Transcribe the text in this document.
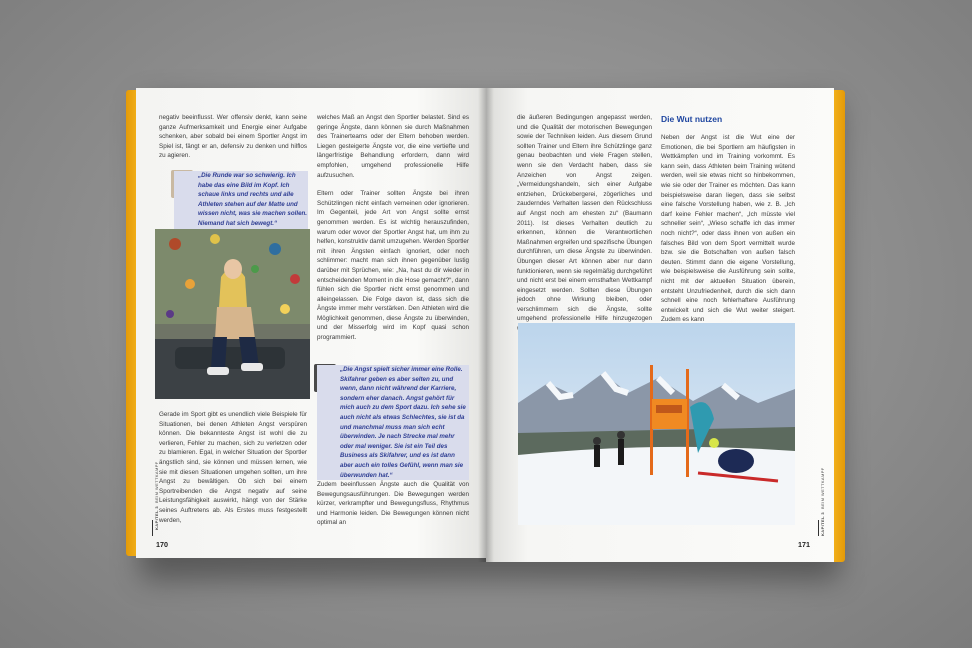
negativ beeinflusst. Wer offensiv denkt, kann seine ganze Aufmerksamkeit und Energie einer Aufgabe schenken, aber sobald bei einem Sportler Angst im Spiel ist, fängt er an, defensiv zu denken und hilflos zu agieren.

„Die Runde war so schwierig. Ich habe das eine Bild im Kopf. Ich schaue links und rechts und alle Athleten stehen auf der Matte und wissen nicht, was sie machen sollen. Niemand hat sich bewegt.“

Gerade im Sport gibt es unendlich viele Beispiele für Situationen, bei denen Athleten Angst verspüren können. Die bekannteste Angst ist wohl die zu verlieren, Fehler zu machen, sich zu verletzen oder zu blamieren. Egal, in welcher Situation der Sportler ängstlich sind, sie können und müssen lernen, wie sie mit diesen Situationen umgehen sollten, um ihre Angst zu bewältigen. Ob sich bei einem Sportreibenden die Angst negativ auf seine Leistungsfähigkeit auswirkt, hängt von der Stärke seines Auftretens ab. Als Erstes muss festgestellt werden,

welches Maß an Angst den Sportler belastet. Sind es geringe Ängste, dann können sie durch Maßnahmen des Trainerteams oder der Eltern behoben werden. Liegen gesteigerte Ängste vor, die eine vertiefte und längerfristige Behandlung erfordern, dann wird empfohlen, umgehend professionelle Hilfe aufzusuchen.

Eltern oder Trainer sollten Ängste bei ihren Schützlingen nicht einfach verneinen oder ignorieren. Im Gegenteil, jede Art von Angst sollte ernst genommen werden. Es ist wichtig herauszufinden, warum oder wovor der Sportler Angst hat, um ihm zu helfen, konstruktiv damit umzugehen. Werden Sportler mit ihren Ängsten einfach ignoriert, oder noch schlimmer: macht man sich ihnen gegenüber lustig darüber mit Sprüchen, wie: „Na, hast du dir wieder in entscheidenden Moment in die Hose gemacht?“, dann fühlen sich die Sportler nicht ernst genommen und alleingelassen. Die Folge davon ist, dass sich die Ängste immer mehr verstärken. Den Athleten wird die Möglichkeit genommen, diese Ängste zu überwinden, und der Misserfolg wird im Kopf quasi schon programmiert.

„Die Angst spielt sicher immer eine Rolle. Skifahrer geben es aber selten zu, und wenn, dann nicht während der Karriere, sondern eher danach. Angst gehört für mich auch zu dem Sport dazu. Ich sehe sie auch nicht als etwas Schlechtes, sie ist da und manchmal muss man sich echt überwinden. Je nach Strecke mal mehr oder mal weniger. Sie ist ein Teil des Business als Skifahrer, und es ist dann aber auch ein tolles Gefühl, wenn man sie überwunden hat.“

Zudem beeinflussen Ängste auch die Qualität von Bewegungsausführungen. Die Bewegungen werden kürzer, verkrampfter und Bewegungsfluss, Rhythmus und Harmonie leiden. Die Bewegungen können nicht optimal an

KAPITEL 3  BEIM WETTKAMPF
170

die äußeren Bedingungen angepasst werden, und die Qualität der motorischen Bewegungen sowie der Techniken leiden. Aus diesem Grund sollten Trainer und Eltern ihre Schützlinge ganz genau beobachten und viele Fragen stellen, wenn sie den Verdacht haben, dass sie Anzeichen von Angst zeigen. „Vermeidungshandeln, sich einer Aufgabe entziehen, Drückebergerei, zögerliches und zauderndes Verhalten lassen den Rückschluss auf Angst noch am ehesten zu“ (Baumann 2011). Ist dieses Verhalten deutlich zu erkennen, können die Verantwortlichen Maßnahmen ergreifen und spezifische Übungen durchführen, um diese Ängste zu überwinden. Übungen dieser Art können aber nur dann funktionieren, wenn sie regelmäßig durchgeführt und nicht erst bei einem ernsthaften Wettkampf eingesetzt werden. Sollten diese Übungen jedoch ohne Wirkung bleiben, oder verschlimmern sich die Ängste, sollte umgehend professionelle Hilfe hinzugezogen

Die Wut nutzen

Neben der Angst ist die Wut eine der Emotionen, die bei Sportlern am häufigsten in Wettkämpfen und im Training vorkommt. Es kann sein, dass Athleten beim Training wütend werden, weil sie etwas nicht so hinbekommen, wie sie oder der Trainer es möchten. Das kann beispielsweise daran liegen, dass sie selbst eine falsche Vorstellung haben, wie z. B. „Ich darf keine Fehler machen“, „Ich müsste viel schneller sein“, „Wieso schaffe ich das immer noch nicht?“, oder dass ihnen von außen ein falsches Bild von dem Sport vermittelt wurde bzw. sie die Botschaften von außen falsch deuten. Stimmt dann die eigene Vorstellung, wie beispielsweise die Ausführung sein sollte, nicht mit der aktuellen Situation überein, entsteht Unzufriedenheit, durch die sich dann schnell eine noch fehlerhaftere Ausführung entwickelt und sich die Wut weiter steigert. Zudem es kann

KAPITEL 3  BEIM WETTKAMPF
171
